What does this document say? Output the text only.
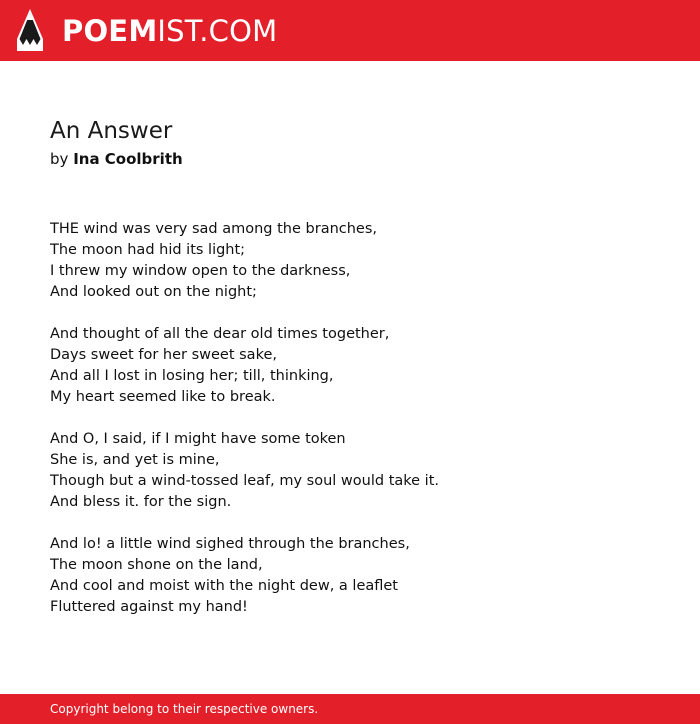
POEMIST.COM
An Answer
by Ina Coolbrith
THE wind was very sad among the branches,
The moon had hid its light;
I threw my window open to the darkness,
And looked out on the night;
And thought of all the dear old times together,
Days sweet for her sweet sake,
And all I lost in losing her; till, thinking,
My heart seemed like to break.
And O, I said, if I might have some token
She is, and yet is mine,
Though but a wind-tossed leaf, my soul would take it.
And bless it. for the sign.
And lo! a little wind sighed through the branches,
The moon shone on the land,
And cool and moist with the night dew, a leaflet
Fluttered against my hand!
Copyright belong to their respective owners.
